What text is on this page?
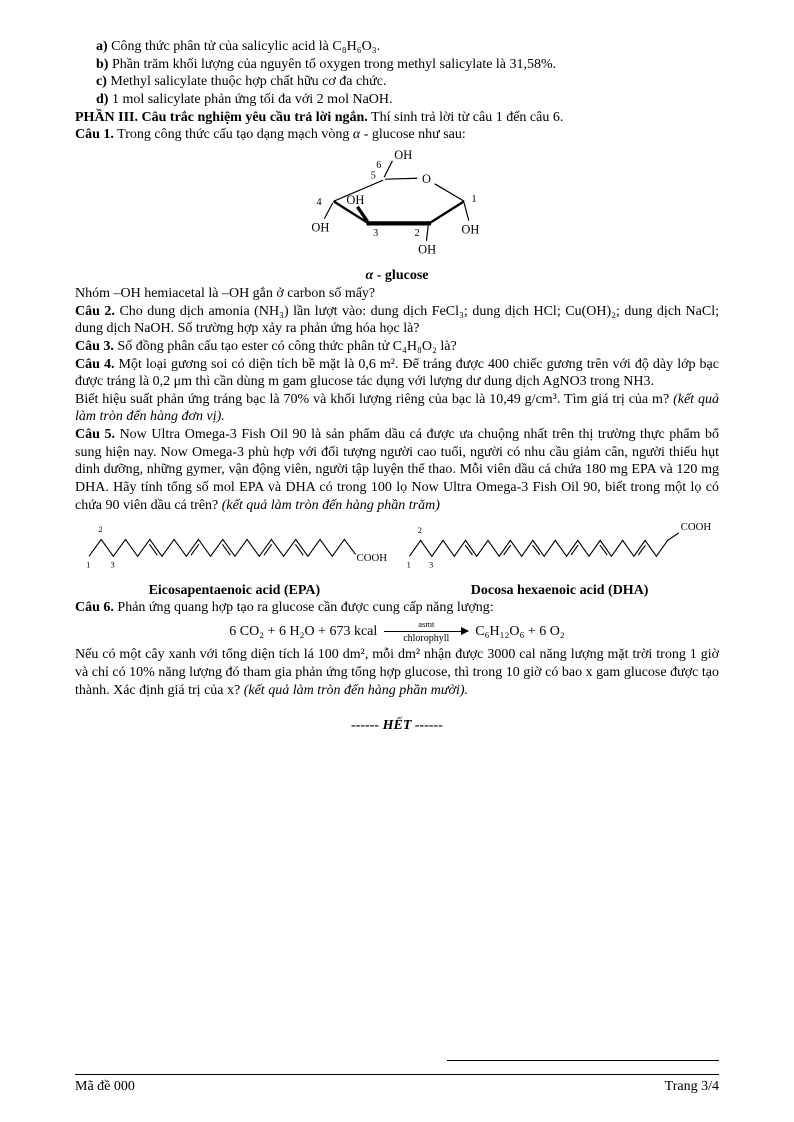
a) Công thức phân tử của salicylic acid là C₈H₆O₃.

b) Phần trăm khối lượng của nguyên tố oxygen trong methyl salicylate là 31,58%.

c) Methyl salicylate thuộc hợp chất hữu cơ đa chức.

d) 1 mol salicylate phản ứng tối đa với 2 mol NaOH.

PHẦN III. Câu trắc nghiệm yêu cầu trả lời ngắn. Thí sinh trả lời từ câu 1 đến câu 6.

Câu 1. Trong công thức cấu tạo dạng mạch vòng α - glucose như sau:

OH
6
5	O
1
OH
4
OH	3	2	OH
OH
α - glucose

Nhóm –OH hemiacetal là –OH gắn ở carbon số mấy?

Câu 2. Cho dung dịch amonia (NH₃) lần lượt vào: dung dịch FeCl₃; dung dịch HCl; Cu(OH)₂; dung dịch NaCl; dung dịch NaOH. Số trường hợp xảy ra phản ứng hóa học là?

Câu 3. Số đồng phân cấu tạo ester có công thức phân tử C₄H₈O₂ là?

Câu 4. Một loại gương soi có diện tích bề mặt là 0,6 m². Để tráng được 400 chiếc gương trên với độ dày lớp bạc được tráng là 0,2 μm thì cần dùng m gam glucose tác dụng với lượng dư dung dịch AgNO3 trong NH3.

Biết hiệu suất phản ứng tráng bạc là 70% và khối lượng riêng của bạc là 10,49 g/cm³. Tìm giá trị của m? (kết quả làm tròn đến hàng đơn vị).

Câu 5. Now Ultra Omega-3 Fish Oil 90 là sản phẩm dầu cá được ưa chuộng nhất trên thị trường thực phẩm bổ sung hiện nay. Now Omega-3 phù hợp với đối tượng người cao tuổi, người có nhu cầu giảm cân, người thiếu hụt dinh dưỡng, những gymer, vận động viên, người tập luyện thể thao. Mỗi viên dầu cá chứa 180 mg EPA và 120 mg DHA. Hãy tính tổng số mol EPA và DHA có trong 100 lọ Now Ultra Omega-3 Fish Oil 90, biết trong một lọ có chứa 90 viên dầu cá trên? (kết quả làm tròn đến hàng phần trăm)

2
1 3
COOH
Eicosapentaenoic acid (EPA)
2
1 3
COOH
Docosa hexaenoic acid (DHA)

Câu 6. Phản ứng quang hợp tạo ra glucose cần được cung cấp năng lượng:

6 CO₂ + 6 H₂O + 673 kcal
asmt
chlorophyll C₆H₁₂O₆ + 6 O₂

Nếu có một cây xanh với tổng diện tích lá 100 dm², mỗi dm² nhận được 3000 cal năng lượng mặt trời trong 1 giờ và chỉ có 10% năng lượng đó tham gia phản ứng tổng hợp glucose, thì trong 10 giờ có bao x gam glucose được tạo thành. Xác định giá trị của x? (kết quả làm tròn đến hàng phần mười).

------ HẾT ------
Mã đề 000	Trang 3/4
